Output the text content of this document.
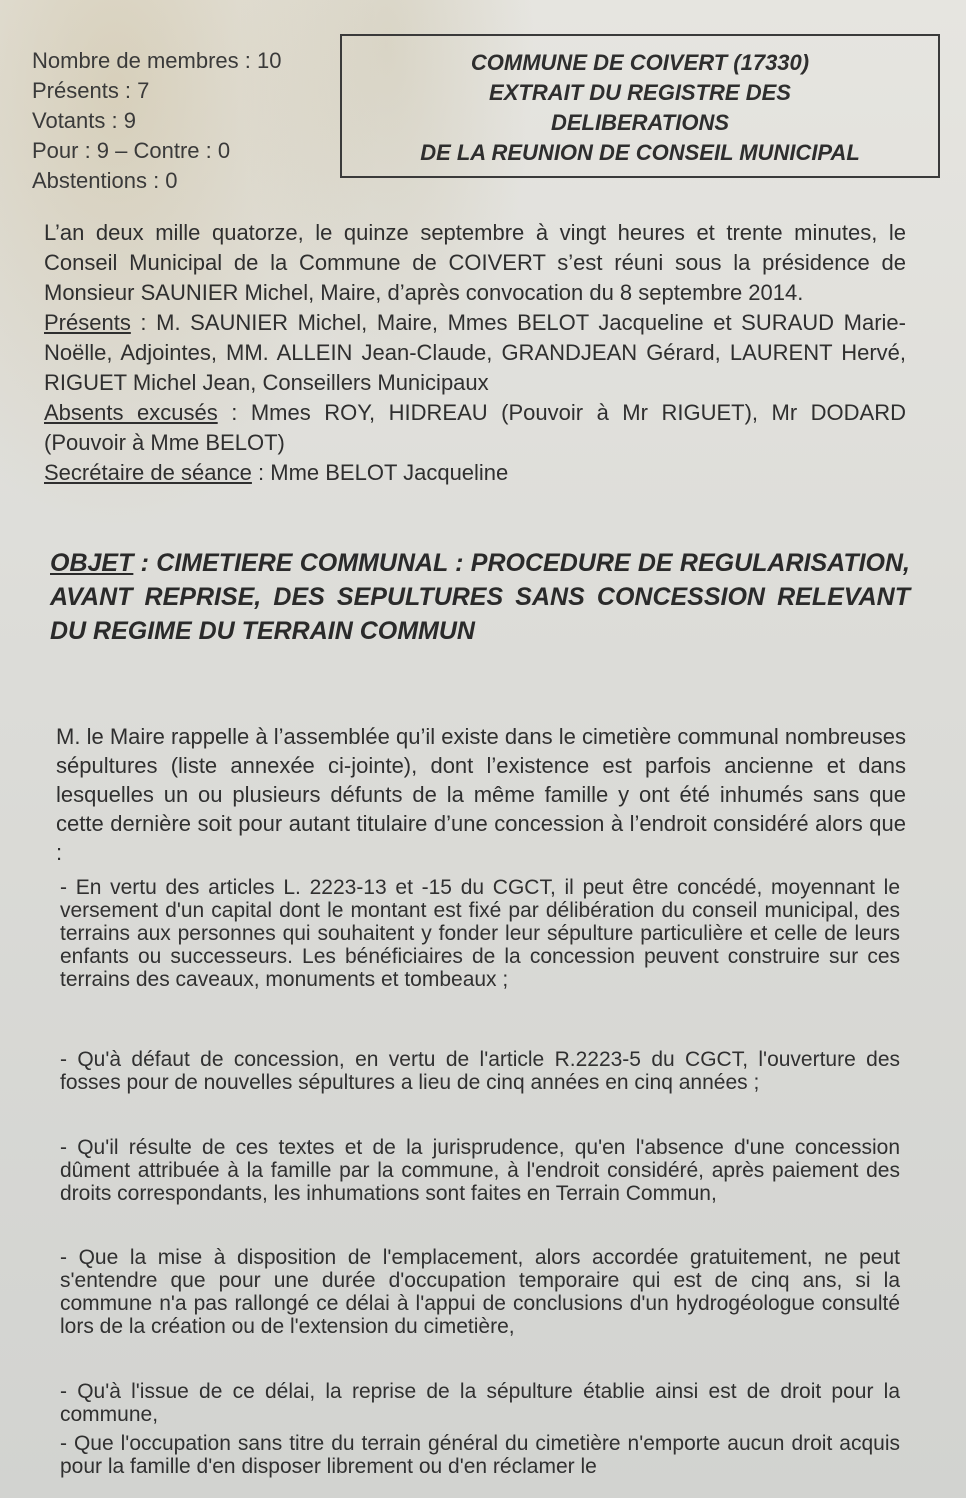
Nombre de membres : 10
Présents : 7
Votants : 9
Pour : 9 – Contre : 0
Abstentions : 0
COMMUNE DE COIVERT (17330)
EXTRAIT DU REGISTRE DES
DELIBERATIONS
DE LA REUNION DE CONSEIL MUNICIPAL
L’an deux mille quatorze, le quinze septembre à vingt heures et trente minutes, le Conseil Municipal de la Commune de COIVERT s’est réuni sous la présidence de Monsieur SAUNIER Michel, Maire, d’après convocation du 8 septembre 2014.
Présents : M. SAUNIER Michel, Maire, Mmes BELOT Jacqueline et SURAUD Marie-Noëlle, Adjointes, MM. ALLEIN Jean-Claude, GRANDJEAN Gérard, LAURENT Hervé, RIGUET Michel Jean, Conseillers Municipaux
Absents excusés : Mmes ROY, HIDREAU (Pouvoir à Mr RIGUET), Mr DODARD (Pouvoir à Mme BELOT)
Secrétaire de séance : Mme BELOT Jacqueline
OBJET : CIMETIERE COMMUNAL : PROCEDURE DE REGULARISATION, AVANT REPRISE, DES SEPULTURES SANS CONCESSION RELEVANT DU REGIME DU TERRAIN COMMUN
M. le Maire rappelle à l’assemblée qu’il existe dans le cimetière communal nombreuses sépultures (liste annexée ci-jointe), dont l’existence est parfois ancienne et dans lesquelles un ou plusieurs défunts de la même famille y ont été inhumés sans que cette dernière soit pour autant titulaire d’une concession à l’endroit considéré alors que :
- En vertu des articles L. 2223-13 et -15 du CGCT, il peut être concédé, moyennant le versement d'un capital dont le montant est fixé par délibération du conseil municipal, des terrains aux personnes qui souhaitent y fonder leur sépulture particulière et celle de leurs enfants ou successeurs. Les bénéficiaires de la concession peuvent construire sur ces terrains des caveaux, monuments et tombeaux ;
- Qu'à défaut de concession, en vertu de l'article R.2223-5 du CGCT, l'ouverture des fosses pour de nouvelles sépultures a lieu de cinq années en cinq années ;
- Qu'il résulte de ces textes et de la jurisprudence, qu'en l'absence d'une concession dûment attribuée à la famille par la commune, à l'endroit considéré, après paiement des droits correspondants, les inhumations sont faites en Terrain Commun,
- Que la mise à disposition de l'emplacement, alors accordée gratuitement, ne peut s'entendre que pour une durée d'occupation temporaire qui est de cinq ans, si la commune n'a pas rallongé ce délai à l'appui de conclusions d'un hydrogéologue consulté lors de la création ou de l'extension du cimetière,
- Qu'à l'issue de ce délai, la reprise de la sépulture établie ainsi est de droit pour la commune,
- Que l'occupation sans titre du terrain général du cimetière n'emporte aucun droit acquis pour la famille d'en disposer librement ou d'en réclamer le
